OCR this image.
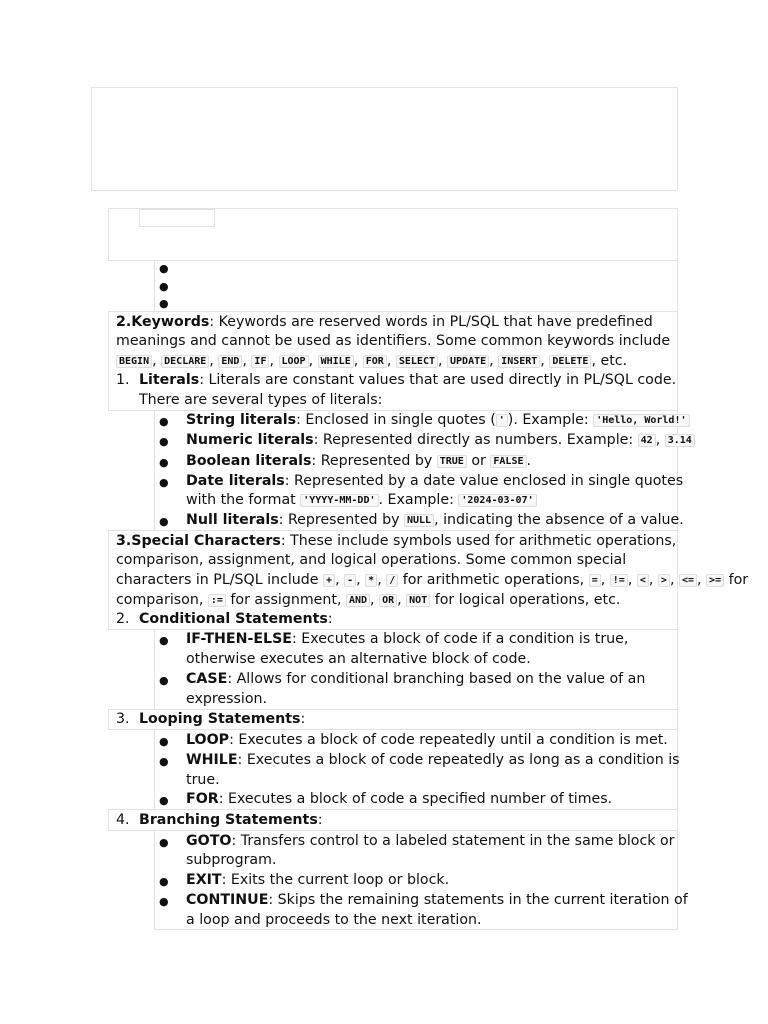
●
●
●
2.Keywords: Keywords are reserved words in PL/SQL that have predefined
meanings and cannot be used as identifiers. Some common keywords include
BEGIN , DECLARE , END , IF , LOOP , WHILE , FOR , SELECT , UPDATE , INSERT , DELETE , etc.
1. Literals: Literals are constant values that are used directly in PL/SQL code.
There are several types of literals:
● String literals: Enclosed in single quotes ( ' ). Example: 'Hello, World!'
● Numeric literals: Represented directly as numbers. Example: 42 , 3.14
● Boolean literals: Represented by TRUE or FALSE .
● Date literals: Represented by a date value enclosed in single quotes
with the format 'YYYY-MM-DD' . Example: '2024-03-07'
● Null literals: Represented by NULL , indicating the absence of a value.
3.Special Characters: These include symbols used for arithmetic operations,
comparison, assignment, and logical operations. Some common special
characters in PL/SQL include + , - , * , / for arithmetic operations, = , != , < , > , <= , >= for
comparison, := for assignment, AND , OR , NOT for logical operations, etc.
2. Conditional Statements:
● IF-THEN-ELSE: Executes a block of code if a condition is true,
otherwise executes an alternative block of code.
● CASE: Allows for conditional branching based on the value of an
expression.
3. Looping Statements:
● LOOP: Executes a block of code repeatedly until a condition is met.
● WHILE: Executes a block of code repeatedly as long as a condition is
true.
● FOR: Executes a block of code a specified number of times.
4. Branching Statements:
● GOTO: Transfers control to a labeled statement in the same block or
subprogram.
● EXIT: Exits the current loop or block.
● CONTINUE: Skips the remaining statements in the current iteration of
a loop and proceeds to the next iteration.
